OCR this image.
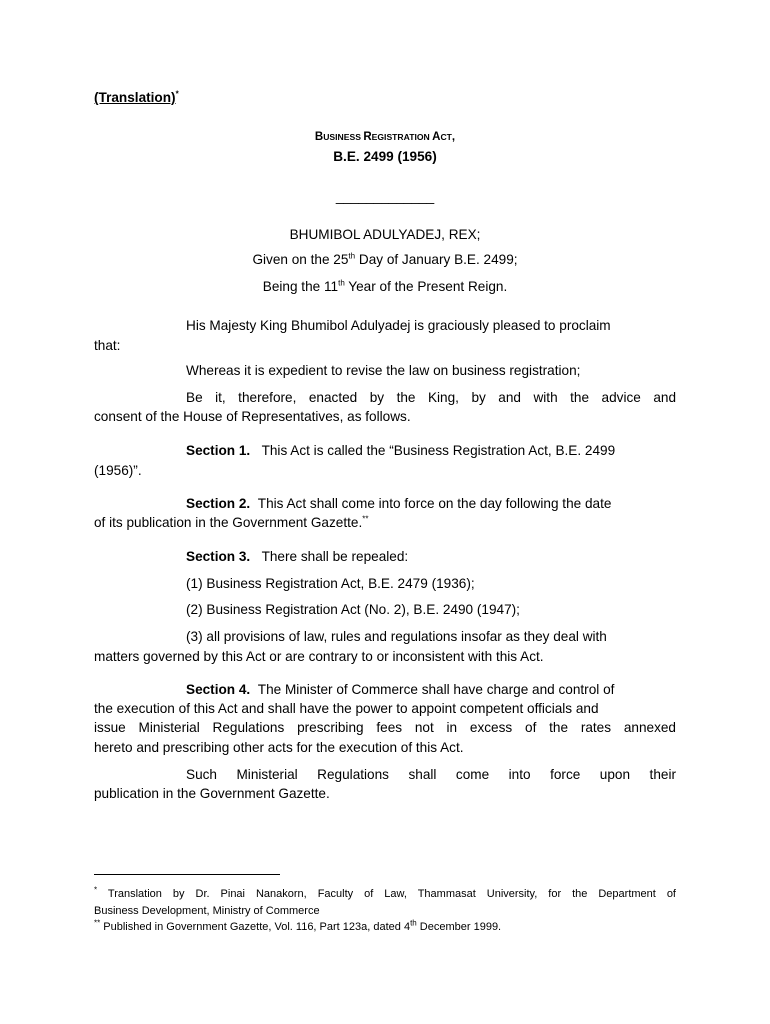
(Translation)*
BUSINESS REGISTRATION ACT,
B.E. 2499 (1956)
_____________
BHUMIBOL ADULYADEJ, REX;
Given on the 25th Day of January B.E. 2499;
Being the 11th Year of the Present Reign.
His Majesty King Bhumibol Adulyadej is graciously pleased to proclaim
that:
Whereas it is expedient to revise the law on business registration;
Be it, therefore, enacted by the King, by and with the advice and
consent of the House of Representatives, as follows.
Section 1. This Act is called the “Business Registration Act, B.E. 2499
(1956)”.
Section 2. This Act shall come into force on the day following the date
of its publication in the Government Gazette.**
Section 3. There shall be repealed:
(1) Business Registration Act, B.E. 2479 (1936);
(2) Business Registration Act (No. 2), B.E. 2490 (1947);
(3) all provisions of law, rules and regulations insofar as they deal with
matters governed by this Act or are contrary to or inconsistent with this Act.
Section 4. The Minister of Commerce shall have charge and control of
the execution of this Act and shall have the power to appoint competent officials and
issue Ministerial Regulations prescribing fees not in excess of the rates annexed
hereto and prescribing other acts for the execution of this Act.
Such Ministerial Regulations shall come into force upon their
publication in the Government Gazette.
* Translation by Dr. Pinai Nanakorn, Faculty of Law, Thammasat University, for the Department of
Business Development, Ministry of Commerce
** Published in Government Gazette, Vol. 116, Part 123a, dated 4th December 1999.
